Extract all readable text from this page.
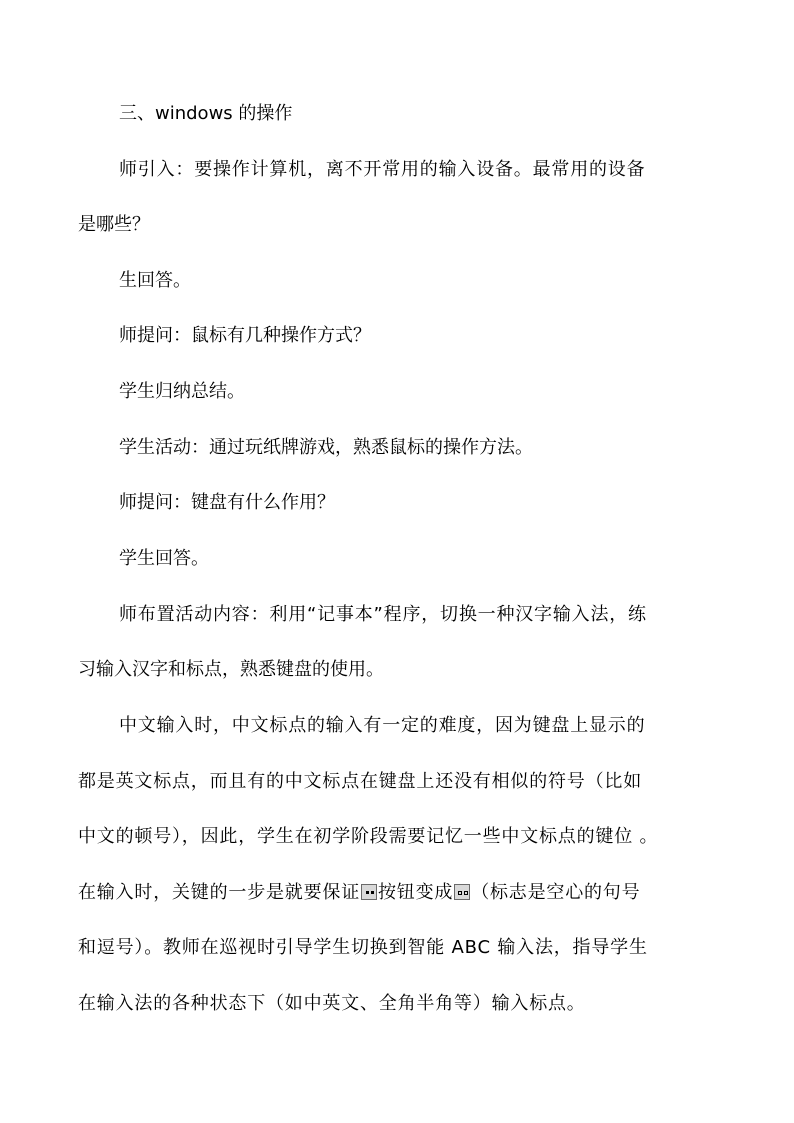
三、windows 的操作
师引入：要操作计算机，离不开常用的输入设备。最常用的设备
是哪些？
生回答。
师提问：鼠标有几种操作方式？
学生归纳总结。
学生活动：通过玩纸牌游戏，熟悉鼠标的操作方法。
师提问：键盘有什么作用？
学生回答。
师布置活动内容：利用“记事本”程序，切换一种汉字输入法，练
习输入汉字和标点，熟悉键盘的使用。
中文输入时，中文标点的输入有一定的难度，因为键盘上显示的
都是英文标点，而且有的中文标点在键盘上还没有相似的符号（比如
中文的顿号），因此，学生在初学阶段需要记忆一些中文标点的键位 。
在输入时，关键的一步是就要保证 按钮变成 （标志是空心的句号
和逗号）。教师在巡视时引导学生切换到智能 ABC 输入法，指导学生
在输入法的各种状态下（如中英文、全角半角等）输入标点。
